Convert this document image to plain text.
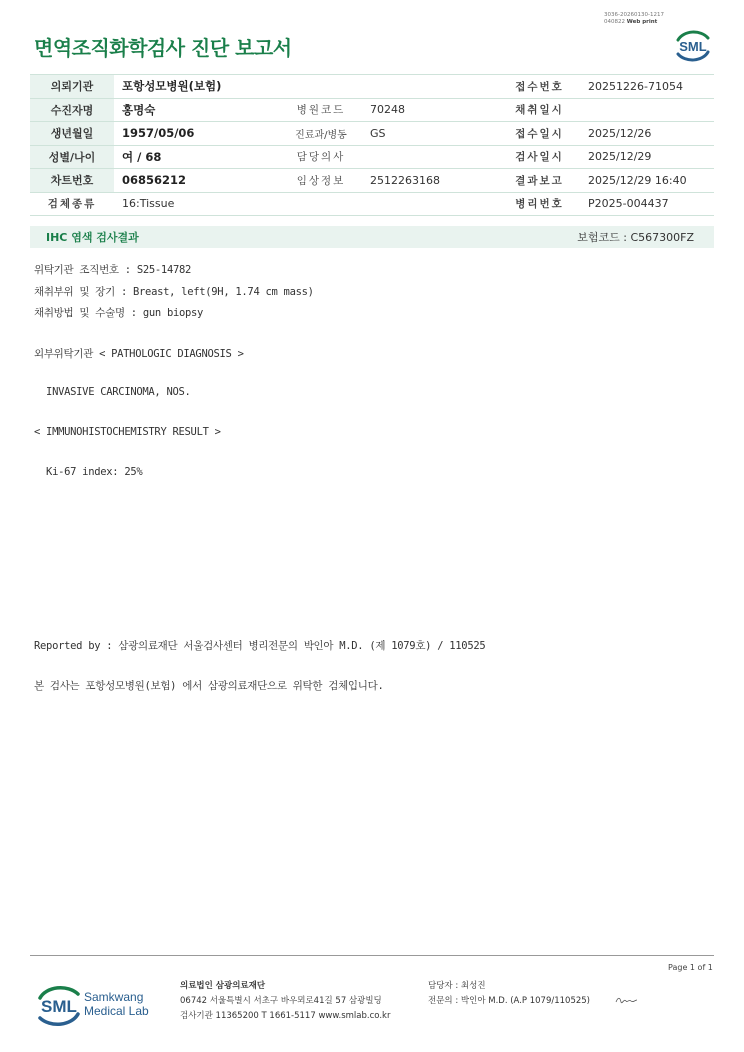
3036-20260130-1217
040822 Web print
면역조직화학검사 진단 보고서	SML
의뢰기관	포항성모병원(보험)			접수번호	20251226-71054
수진자명	홍명숙	병원코드	70248	채취일시	
생년월일	1957/05/06	진료과/병동	GS	접수일시	2025/12/26
성별/나이	여 / 68	담당의사		검사일시	2025/12/29
차트번호	06856212	임상정보	2512263168	결과보고	2025/12/29 16:40
검체종류	16:Tissue			병리번호	P2025-004437
IHC 염색 검사결과	보험코드 : C567300FZ
위탁기관 조직번호 : S25-14782
채취부위 및 장기 : Breast, left(9H, 1.74 cm mass)
채취방법 및 수술명 : gun biopsy
외부위탁기관 < PATHOLOGIC DIAGNOSIS >
INVASIVE CARCINOMA, NOS.
< IMMUNOHISTOCHEMISTRY RESULT >
Ki-67 index: 25%
Reported by : 삼광의료재단 서울검사센터 병리전문의 박인아 M.D. (제 1079호) / 110525
본 검사는 포항성모병원(보험) 에서 삼광의료재단으로 위탁한 검체입니다.
Page 1 of 1
SML Samkwang
Medical Lab
의료법인 삼광의료재단
06742 서울특별시 서초구 바우뫼로41길 57 삼광빌딩
검사기관 11365200 T 1661-5117 www.smlab.co.kr
담당자 : 최성진
전문의 : 박인아 M.D. (A.P 1079/110525)
